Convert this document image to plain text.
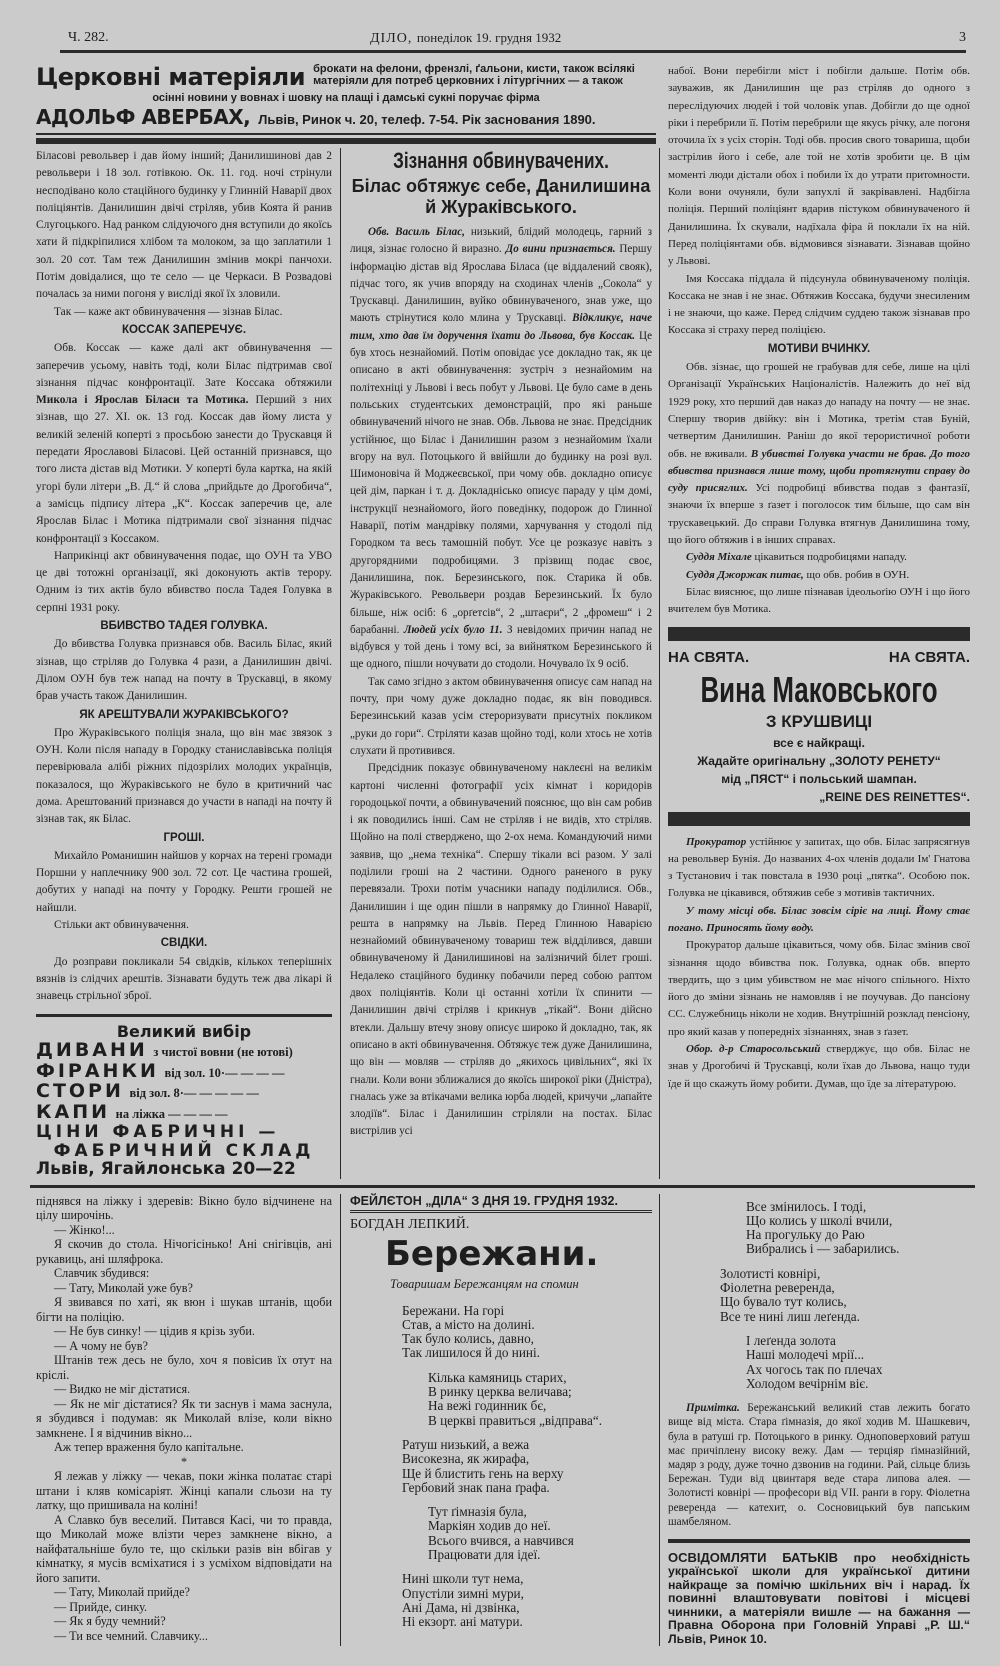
Ч. 282.	ДІЛО, понеділок 19. грудня 1932	3
Церковні матеріяли брокати на фелони, френзлі, ґальони, кисти, також всілякі матеріяли для потреб церковних і літургічних — а також
осінні новини у вовнах і шовку на плащі і дамські сукні поручає фірма
АДОЛЬФ АВЕРБАХ, Львів, Ринок ч. 20, телеф. 7-54. Рік заснования 1890.

Біласові револьвер і дав йому інший; Данилишинові дав 2 револьвери і 18 зол. готівкою. Ок. 11. год. ночі стрінули несподівано коло стаційного будинку у Глинній Наварії двох поліціянтів. Данилишин двічі стріляв, убив Коята й ранив Слугоцького. Над ранком слідуючого дня вступили до якоїсь хати й підкріпилися хлібом та молоком, за що заплатили 1 зол. 20 сот. Там теж Данилишин змінив мокрі панчохи. Потім довідалися, що те село — це Черкаси. В Розвадові почалась за ними погоня у висліді якої їх зловили.

Так — каже акт обвинувачення — зізнав Білас.

КОССАК ЗАПЕРЕЧУЄ.

Обв. Коссак — каже далі акт обвинувачення — заперечив усьому, навіть тоді, коли Білас підтримав свої зізнання підчас конфронтації. Зате Коссака обтяжили Микола і Ярослав Біласи та Мотика. Перший з них зізнав, що 27. XI. ок. 13 год. Коссак дав йому листа у великій зеленій коперті з просьбою занести до Трускавця й передати Ярославові Біласові. Цей останній признався, що того листа дістав від Мотики. У коперті була картка, на якій угорі були літери „В. Д.“ й слова „прийдьте до Дрогобича“, а замісць підпису літера „К“. Коссак заперечив це, але Ярослав Білас і Мотика підтримали свої зізнання підчас конфронтації з Коссаком.

Наприкінці акт обвинувачення подає, що ОУН та УВО це дві тотожні організації, які доконують актів терору. Одним із тих актів було вбивство посла Тадея Голувка в серпні 1931 року.

ВБИВСТВО ТАДЕЯ ГОЛУВКА.

До вбивства Голувка признався обв. Василь Білас, який зізнав, що стріляв до Голувка 4 рази, а Данилишин двічі. Ділом ОУН був теж напад на почту в Трускавці, в якому брав участь також Данилишин.

ЯК АРЕШТУВАЛИ ЖУРАКІВСЬКОГО?

Про Жураківського поліція знала, що він має звязок з ОУН. Коли після нападу в Городку станиславівська поліція перевірювала алібі ріжних підозрілих молодих українців, показалося, що Жураківського не було в критичний час дома. Арештований признався до участи в нападі на почту й зізнав так, як Білас.

ГРОШІ.

Михайло Романишин найшов у корчах на терені громади Поршни у наплечнику 900 зол. 72 сот. Це частина грошей, добутих у нападі на почту у Городку. Решти грошей не найшли.

Стільки акт обвинувачення.

СВІДКИ.

До розправи покликали 54 свідків, кількох теперішніх вязнів із слідчих арештів. Зізнавати будуть теж два лікарі й знавець стрільної зброї.

Великий вибір
ДИВАНИ з чистої вовни (не ютові)
ФІРАНКИ від зол. 10·— — — —
СТОРИ від зол. 8·— — — — —
КАПИ на ліжка — — — —
ЦІНИ ФАБРИЧНІ —
ФАБРИЧНИЙ СКЛАД
Львів, Ягайлонська 20—22
Зізнання обвинувачених.
Білас обтяжує себе, Данилишина й Жураківського.

Обв. Василь Білас, низький, блідий молодець, гарний з лиця, зізнає голосно й виразно. До вини признається. Першу інформацію дістав від Ярослава Біласа (це віддалений свояк), підчас того, як учив впоряду на сходинах членів „Сокола“ у Трускавці. Данилишин, вуйко обвинуваченого, знав уже, що мають стрінутися коло млина у Трускавці. Відкликує, наче тим, хто дав їм доручення їхати до Львова, був Коссак. Це був хтось незнайомий. Потім оповідає усе докладно так, як це описано в акті обвинувачення: зустріч з незнайомим на політехніці у Львові і весь побут у Львові. Це було саме в день польських студентських демонстрацій, про які раньше обвинувачений нічого не знав. Обв. Львова не знає. Предсідник устійнює, що Білас і Данилишин разом з незнайомим їхали вгору на вул. Потоцького й ввійшли до будинку на розі вул. Шимоновіча й Моджеєвської, при чому обв. докладно описує цей дім, паркан і т. д. Докладнісько описує параду у цім домі, інструкції незнайомого, його поведінку, подорож до Глинної Наварії, потім мандрівку полями, харчування у стодолі під Городком та весь тамошній побут. Усе це розказує навіть з другорядними подробицями. З прізвищ подає своє, Данилишина, пок. Березинського, пок. Старика й обв. Жураківського. Револьвери роздав Березинський. Їх було більше, ніж осіб: 6 „орґетсів“, 2 „штаєри“, 2 „фромеш“ і 2 барабанні. Людей усіх було 11. З невідомих причин напад не відбувся у той день і тому всі, за вийнятком Березинського й ще одного, пішли ночувати до стодоли. Ночувало їх 9 осіб.

Так само згідно з актом обвинувачення описує сам напад на почту, при чому дуже докладно подає, як він поводився. Березинський казав усім стероризувати присутніх покликом „руки до гори“. Стріляти казав щойно тоді, коли хтось не хотів слухати й противився.

Предсідник показує обвинуваченому наклеєні на великім картоні численні фотографії усіх кімнат і коридорів городоцької почти, а обвинувачений пояснює, що він сам робив і як поводились інші. Сам не стріляв і не видів, хто стріляв. Щойно на полі стверджено, що 2-ох нема. Командуючий ними заявив, що „нема техніка“. Спершу тікали всі разом. У залі поділили гроші на 2 частини. Одного раненого в руку перевязали. Трохи потім учасники нападу поділилися. Обв., Данилишин і ще один пішли в напрямку до Глинної Наварії, решта в напрямку на Львів. Перед Глинною Наварією незнайомий обвинуваченому товариш теж відділився, давши обвинуваченому й Данилишинові на залізничий білет гроші. Недалеко стаційного будинку побачили перед собою раптом двох поліціянтів. Коли ці останні хотіли їх спинити — Данилишин двічі стріляв і крикнув „тікай“. Вони дійсно втекли. Дальшу втечу знову описує широко й докладно, так, як описано в акті обвинувачення. Обтяжує теж дуже Данилишина, що він — мовляв — стріляв до „якихось цивільних“, які їх гнали. Коли вони зближалися до якоїсь широкої ріки (Дністра), гналась уже за втікачами велика юрба людей, кричучи „лапайте злодіїв“. Білас і Данилишин стріляли на постах. Білас вистрілив усі

набої. Вони перебігли міст і побігли дальше. Потім обв. зауважив, як Данилишин ще раз стріляв до одного з переслідуючих людей і той чоловік упав. Добігли до ще одної ріки і перебрили її. Потім перебрили ще якусь річку, але погоня оточила їх з усіх сторін. Тоді обв. просив свого товариша, щоби застрілив його і себе, але той не хотів зробити це. В цім моменті люди дістали обох і побили їх до утрати притомности. Коли вони очуняли, були запухлі й закрівавлені. Надбігла поліція. Перший поліціянт вдарив пістуком обвинуваченого й Данилишина. Їх скували, надїхала фіра й поклали їх на ній. Перед поліціянтами обв. відмовився зізнавати. Зізнавав щойно у Львові.

Імя Коссака піддала й підсунула обвинуваченому поліція. Коссака не знав і не знає. Обтяжив Коссака, будучи знесиленим і не знаючи, що каже. Перед слідчим суддею також зізнавав про Коссака зі страху перед поліцією.

МОТИВИ ВЧИНКУ.

Обв. зізнає, що грошей не грабував для себе, лише на цілі Організації Українських Націоналістів. Належить до неї від 1929 року, хто перший дав наказ до нападу на почту — не знає. Спершу творив двійку: він і Мотика, третім став Буній, четвертим Данилишин. Раніш до якої терористичної роботи обв. не вживали. В убивстві Голувка участи не брав. До того вбивства признався лише тому, щоби протягнути справу до суду присяглих. Усі подробиці вбивства подав з фантазії, знаючи їх вперше з ґазет і поголосок тим більше, що сам він трускавецький. До справи Голувка втягнув Данилишина тому, що його обтяжив і в інших справах.

Суддя Міхале цікавиться подробицями нападу.

Суддя Джоржак питає, що обв. робив в ОУН.

Білас вияснює, що лише пізнавав ідеольоґію ОУН і що його вчителем був Мотика.

НА СВЯТА.	НА СВЯТА.
Вина Маковського
З КРУШВИЦІ
все є найкращі.
Жадайте оригінальну „ЗОЛОТУ РЕНЕТУ“
мід „ПЯСТ“ і польський шампан.
„REINE DES REINETTES“.

Прокуратор устійнює у запитах, що обв. Білас запрясягнув на револьвер Бунія. До названих 4-ох членів додали Ім' Гнатова з Тустанович і так повстала в 1930 році „пятка“. Особою пок. Голувка не цікавився, обтяжив себе з мотивів тактичних.

У тому місці обв. Білас зовсім сіріє на лиці. Йому стає погано. Приносять йому воду.

Прокуратор дальше цікавиться, чому обв. Білас змінив свої зізнання щодо вбивства пок. Голувка, однак обв. вперто твердить, що з цим убивством не має нічого спільного. Ніхто його до зміни зізнань не намовляв і не поучував. До пансіону СС. Служебниць ніколи не ходив. Внутрішній розклад пенсіону, про який казав у попередніх зізнаннях, знав з ґазет.

Обор. д-р Старосольський стверджує, що обв. Білас не знав у Дрогобичі й Трускавці, коли їхав до Львова, нащо туди їде й що скажуть йому робити. Думав, що їде за літературою.

піднявся на ліжку і здеревів: Вікно було відчинене на цілу широчінь.

— Жінко!...

Я скочив до стола. Нічогісінько! Ані снігівців, ані рукавиць, ані шляфрока.

Славчик збудився:

— Тату, Миколай уже був?

Я звивався по хаті, як вюн і шукав штанів, щоби бігти на поліцію.

— Не був синку! — цідив я крізь зуби.

— А чому не був?

Штанів теж десь не було, хоч я повісив їх отут на кріслі.

— Видко не міг дістатися.

— Як не міг дістатися? Як ти заснув і мама заснула, я збудився і подумав: як Миколай влізе, коли вікно замкнене. І я відчинив вікно...

Аж тепер враження було капітальне.

*

Я лежав у ліжку — чекав, поки жінка полатає старі штани і кляв комісаріят. Жінці капали сльози на ту латку, що пришивала на коліні!

А Славко був веселий. Питався Касі, чи то правда, що Миколай може влізти через замкнене вікно, а найфатальніше було те, що скільки разів він вбігав у кімнатку, я мусів всміхатися і з усміхом відповідати на його запити.

— Тату, Миколай прийде?

— Прийде, синку.

— Як я буду чемний?

— Ти все чемний. Славчику...

ФЕЙЛЄТОН „ДІЛА“ З ДНЯ 19. ГРУДНЯ 1932.
БОГДАН ЛЕПКИЙ.
Бережани.
Товаришам Бережанцям на спомин
Бережани. На горі
Став, а місто на долині.
Так було колись, давно,
Так лишилося й до нині.
Кілька камяниць старих,
В ринку церква величава;
На вежі годинник бє,
В церкві правиться „відправа“.
Ратуш низький, а вежа
Високезна, як жирафа,
Ще й блистить гень на верху
Гербовий знак пана ґрафа.
Тут ґімназія була,
Маркіян ходив до неї.
Всього вчився, а навчився
Працювати для ідеї.
Нині школи тут нема,
Опустіли зимні мури,
Ані Дама, ні дзвінка,
Ні екзорт. ані матури.
Все змінилось. І тоді,
Що колись у школі вчили,
На прогульку до Раю
Вибрались і — забарились.
Золотисті ковнірі,
Фіолетна реверенда,
Що бувало тут колись,
Все те нині лиш леґенда.
І леґенда золота
Наші молодечі мрії...
Ах чогось так по плечах
Холодом вечірнім віє.
Примітка. Бережанський великий став лежить богато вище від міста. Стара ґімназія, до якої ходив М. Шашкевич, була в ратуші гр. Потоцького в ринку. Одноповерховий ратуш має причіплену високу вежу. Дам — терціяр ґімназійний, мадяр з роду, дуже точно дзвонив на години. Рай, сільце близь Бережан. Туди від цвинтаря веде стара липова алея. — Золотисті ковнірі — професори від VII. ранґи в гору. Фіолетна реверенда — катехит, о. Сосновицький був папським шамбеляном.
ОСВІДОМЛЯТИ БАТЬКІВ про необхідність української школи для української дитини найкраще за помічю шкільних віч і нарад. Їх повинні влаштовувати повітові і місцеві чинники, а матеріяли вишле — на бажання — Правна Оборона при Головній Управі „Р. Ш.“ Львів, Ринок 10.
